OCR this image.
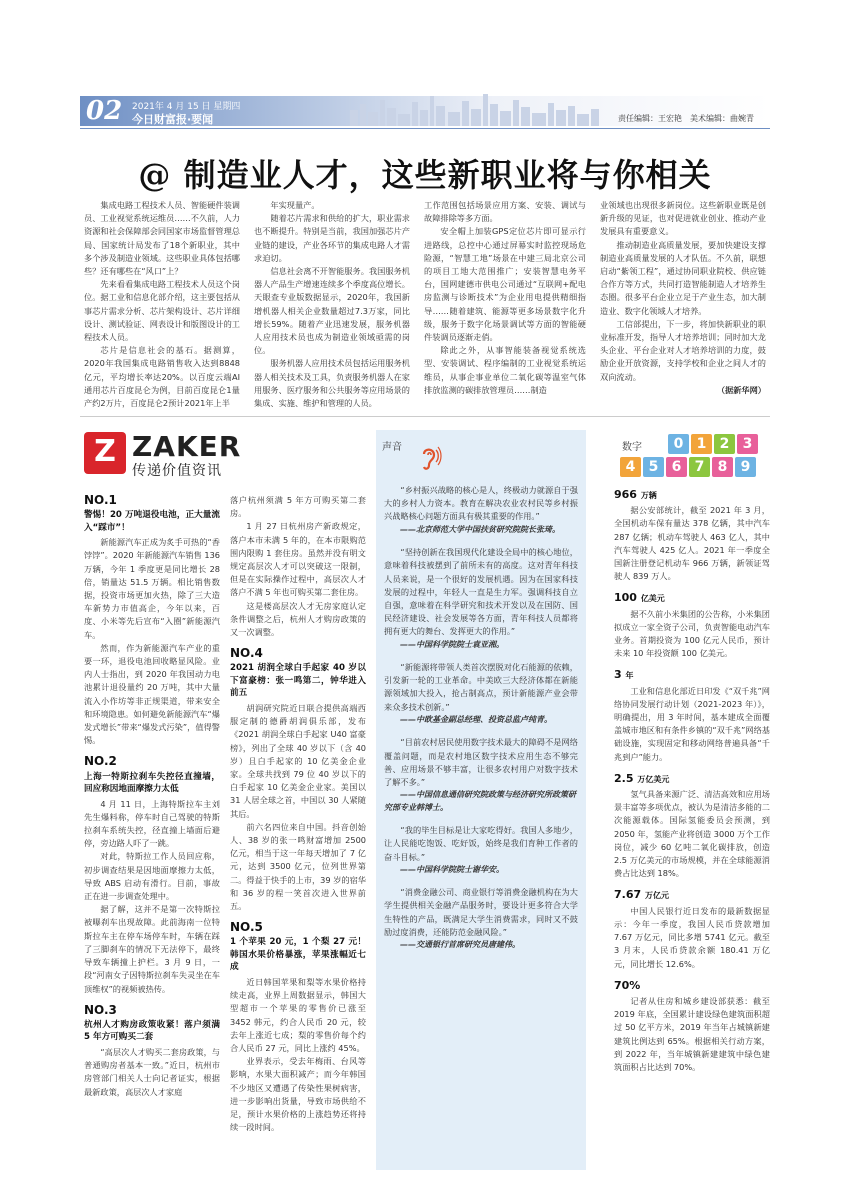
02 2021年 4 月 15 日 星期四
今日财富报·要闻	责任编辑：王宏艳　美术编辑：曲婉青
@ 制造业人才，这些新职业将与你相关

集成电路工程技术人员、智能硬件装调员、工业视觉系统运维员……不久前，人力资源和社会保障部会同国家市场监督管理总局、国家统计局发布了18个新职业，其中多个涉及制造业领域。这些职业具体包括哪些？还有哪些在“风口”上？

先来看看集成电路工程技术人员这个岗位。据工业和信息化部介绍，这主要包括从事芯片需求分析、芯片架构设计、芯片详细设计、测试验证、网表设计和版图设计的工程技术人员。

芯片是信息社会的基石。据测算，2020年我国集成电路销售收入达到8848亿元，平均增长率达20%。以百度云端AI通用芯片百度昆仑为例，目前百度昆仑1量产约2万片，百度昆仑2预计2021年上半

年实现量产。

随着芯片需求和供给的扩大，职业需求也不断提升。特别是当前，我国加强芯片产业链的建设，产业各环节的集成电路人才需求迫切。

信息社会离不开智能服务。我国服务机器人产品生产增速连续多个季度高位增长。天眼查专业版数据显示，2020年，我国新增机器人相关企业数量超过7.3万家，同比增长59%。随着产业迅速发展，服务机器人应用技术员也成为制造业领域亟需的岗位。

服务机器人应用技术员包括运用服务机器人相关技术及工具，负责服务机器人在家用服务、医疗服务和公共服务等应用场景的集成、实施、维护和管理的人员。

工作范围包括场景应用方案、安装、调试与故障排除等多方面。

安全帽上加装GPS定位芯片即可显示行进路线，总控中心通过屏幕实时监控现场危险源，“智慧工地”场景在中建三局北京公司的项目工地大范围推广；安装智慧电务平台，国网建德市供电公司通过“互联网+配电房监测与诊断技术”为企业用电提供精细指导……随着建筑、能源等更多场景数字化升级，服务于数字化场景调试等方面的智能硬件装调员逐渐走俏。

除此之外，从事智能装备视觉系统选型、安装调试、程序编制的工业视觉系统运维员，从事企事业单位二氧化碳等温室气体排放监测的碳排放管理员……制造

业领域也出现很多新岗位。这些新职业既是创新升级的见证，也对促进就业创业、推动产业发展具有重要意义。

推动制造业高质量发展，要加快建设支撑制造业高质量发展的人才队伍。不久前，联想启动“紫领工程”，通过协同职业院校、供应链合作方等方式，共同打造智能制造人才培养生态圈。很多平台企业立足于产业生态，加大制造业、数字化领域人才培养。

工信部提出，下一步，将加快新职业的职业标准开发，指导人才培养培训；同时加大龙头企业、平台企业对人才培养培训的力度，鼓励企业开放资源，支持学校和企业之间人才的双向流动。

（据新华网）

Z ZAKER
传递价值资讯
NO.1
警惕！20 万吨退役电池，正大量流入“踩市”！

新能源汽车正成为炙手可热的“香饽饽”。2020 年新能源汽车销售 136 万辆，今年 1 季度更是同比增长 28 倍，销量达 51.5 万辆。相比销售数据，投资市场更加火热，除了三大造车新势力市值高企，今年以来，百度、小米等先后宣布“入圈”新能源汽车。

然而，作为新能源汽车产业的重要一环，退役电池回收略显风险。业内人士指出，到 2020 年我国动力电池累计退役量约 20 万吨，其中大量流入小作坊等非正规渠道，带来安全和环境隐患。如何避免新能源汽车“爆发式增长”带来“爆发式污染”，值得警惕。

NO.2
上海一特斯拉刹车失控径直撞墙，回应称因地面摩擦力太低

4 月 11 日，上海特斯拉车主刘先生爆料称，停车时自己驾驶的特斯拉刹车系统失控，径直撞上墙面后避停，旁边路人吓了一跳。

对此，特斯拉工作人员回应称，初步调查结果是因地面摩擦力太低，导致 ABS 启动有滑行。目前，事故正在进一步调查处理中。

据了解，这并不是第一次特斯拉被曝刹车出现故障。此前海南一位特斯拉车主在停车场停车时，车辆在踩了三脚刹车的情况下无法停下，最终导致车辆撞上护栏。3 月 9 日，一段“河南女子因特斯拉刹车失灵坐在车顶维权”的视频被热传。

NO.3
杭州人才购房政策收紧！落户须满 5 年方可购买二套

“高层次人才购买二套房政策，与普通购房者基本一致。”近日，杭州市房管部门相关人士向记者证实，根据最新政策，高层次人才家庭

落户杭州须满 5 年方可购买第二套房。

1 月 27 日杭州房产新政规定，落户本市未满 5 年的，在本市限购范围内限购 1 套住房。虽然并没有明文规定高层次人才可以突破这一限制，但是在实际操作过程中，高层次人才落户不满 5 年也可购买第二套住房。

这是楼高层次人才无房家庭认定条件调整之后，杭州人才购房政策的又一次调整。

NO.4
2021 胡润全球白手起家 40 岁以下富豪榜：张一鸣第二，钟华进入前五

胡润研究院近日联合提供高端西服定制的德爵胡润俱乐部，发布《2021 胡润全球白手起家 U40 富豪榜》，列出了全球 40 岁以下（含 40 岁）且白手起家的 10 亿美金企业家。全球共找到 79 位 40 岁以下的白手起家 10 亿美金企业家。美国以 31 人居全球之首，中国以 30 人紧随其后。

前六名四位来自中国。抖音创始人、38 岁的张一鸣财富增加 2500 亿元，相当于这一年每天增加了 7 亿元，达到 3500 亿元，位列世界第二。得益于快手的上市，39 岁的宿华和 36 岁的程一笑首次进入世界前五。

NO.5
1 个苹果 20 元，1 个梨 27 元！韩国水果价格暴涨，苹果涨幅近七成

近日韩国苹果和梨等水果价格持续走高，业界上周数据显示，韩国大型超市一个苹果的零售价已涨至 3452 韩元，约合人民币 20 元，较去年上涨近七成；梨的零售价每个约合人民币 27 元，同比上涨约 45%。

业界表示，受去年梅雨、台风等影响，水果大面积减产；而今年韩国不少地区又遭遇了传染性果树病害，进一步影响出货量，导致市场供给不足，预计水果价格的上涨趋势还将持续一段时间。

声音

“乡村振兴战略的核心是人，终极动力就源自于强大的乡村人力资本。教育在解决农业农村民等乡村振兴战略核心问题方面具有极其重要的作用。”

——北京师范大学中国扶贫研究院院长张琦。

“坚持创新在我国现代化建设全局中的核心地位，意味着科技被摆到了前所未有的高度。这对青年科技人员来说，是一个很好的发展机遇。因为在国家科技发展的过程中，年轻人一直是生力军。强调科技自立自强，意味着在科学研究和技术开发以及在国防、国民经济建设、社会发展等各方面，青年科技人员都将拥有更大的舞台、发挥更大的作用。”

——中国科学院院士袁亚湘。

“新能源将带领人类首次摆脱对化石能源的依赖，引发新一轮的工业革命。中美欧三大经济体都在新能源领域加大投入，抢占制高点，预计新能源产业会带来众多技术创新。”

——中欧基金副总经理、投资总监卢纯青。

“目前农村居民使用数字技术最大的障碍不是网络覆盖问题，而是农村地区数字技术应用生态不够完善、应用场景不够丰富，让很多农村用户对数字技术了解不多。”

——中国信息通信研究院政策与经济研究所政策研究部专业韩博士。

“我的毕生目标是让大家吃得好。我国人多地少，让人民能吃饱饭、吃好饭，始终是我们育种工作者的奋斗目标。”

——中国科学院院士谢华安。

“消费金融公司、商业银行等消费金融机构在为大学生提供相关金融产品服务时，要设计更多符合大学生特性的产品，既满足大学生消费需求，同时又不鼓励过度消费，还能防范金融风险。”

——交通银行首席研究员唐建伟。

数字	0 1 2 3
4 5 6 7 8 9
966 万辆

据公安部统计，截至 2021 年 3 月，全国机动车保有量达 378 亿辆，其中汽车 287 亿辆；机动车驾驶人 463 亿人，其中汽车驾驶人 425 亿人。2021 年一季度全国新注册登记机动车 966 万辆，新领证驾驶人 839 万人。

100 亿美元

据不久前小米集团的公告称，小米集团拟成立一家全资子公司，负责智能电动汽车业务。首期投资为 100 亿元人民币，预计未来 10 年投资额 100 亿美元。

3 年

工业和信息化部近日印发《“双千兆”网络协同发展行动计划（2021-2023 年）》，明确提出，用 3 年时间，基本建成全面覆盖城市地区和有条件乡镇的“双千兆”网络基础设施，实现固定和移动网络普遍具备“千兆到户”能力。

2.5 万亿美元

氢气具备来源广泛、清洁高效和应用场景丰富等多项优点，被认为是清洁多能的二次能源载体。国际氢能委员会预测，到 2050 年，氢能产业将创造 3000 万个工作岗位，减少 60 亿吨二氧化碳排放，创造 2.5 万亿美元的市场规模，并在全球能源消费占比达到 18%。

7.67 万亿元

中国人民银行近日发布的最新数据显示：今年一季度，我国人民币贷款增加 7.67 万亿元，同比多增 5741 亿元。截至 3 月末，人民币贷款余额 180.41 万亿元，同比增长 12.6%。

70%

记者从住房和城乡建设部获悉：截至 2019 年底，全国累计建设绿色建筑面积超过 50 亿平方米，2019 年当年占城镇新建建筑比例达到 65%。根据相关行动方案，到 2022 年，当年城镇新建建筑中绿色建筑面积占比达到 70%。
